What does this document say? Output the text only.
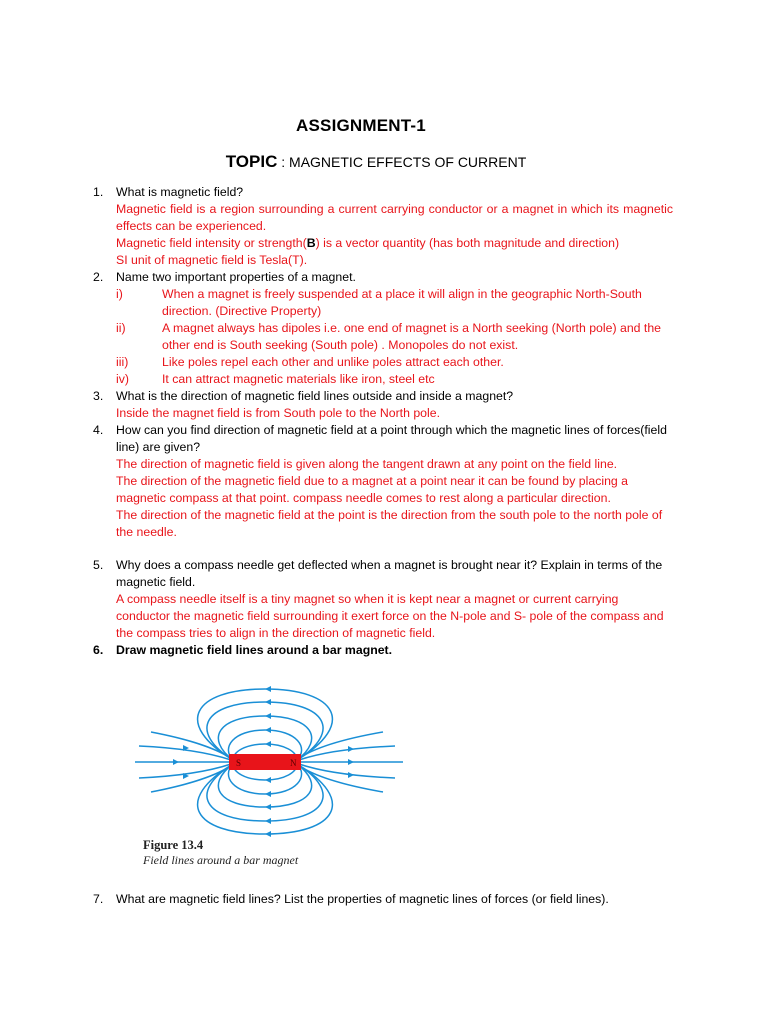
ASSIGNMENT-1
TOPIC : MAGNETIC EFFECTS OF CURRENT

1. What is magnetic field?

Magnetic field is a region surrounding a current carrying conductor or a magnet in which its magnetic effects can be experienced.

Magnetic field intensity or strength(B) is a vector quantity (has both magnitude and direction)

SI unit of magnetic field is Tesla(T).

2. Name two important properties of a magnet.

i)	When a magnet is freely suspended at a place it will align in the geographic North-South direction. (Directive Property)

ii)	A magnet always has dipoles i.e. one end of magnet is a North seeking (North pole) and the other end is South seeking (South pole) . Monopoles do not exist.

iii)	Like poles repel each other and unlike poles attract each other.

iv)	It can attract magnetic materials like iron, steel etc

3. What is the direction of magnetic field lines outside and inside a magnet?

Inside the magnet field is from South pole to the North pole.

4. How can you find direction of magnetic field at a point through which the magnetic lines of forces(field line) are given?

The direction of magnetic field is given along the tangent drawn at any point on the field line.

The direction of the magnetic field due to a magnet at a point near it can be found by placing a magnetic compass at that point. compass needle comes to rest along a particular direction.

The direction of the magnetic field at the point is the direction from the south pole to the north pole of the needle.

5. Why does a compass needle get deflected when a magnet is brought near it? Explain in terms of the magnetic field.

A compass needle itself is a tiny magnet so when it is kept near a magnet or current carrying conductor the magnetic field surrounding it exert force on the N-pole and S- pole of the compass and the compass tries to align in the direction of magnetic field.

6. Draw magnetic field lines around a bar magnet.

S	N
Figure 13.4
Field lines around a bar magnet

7. What are magnetic field lines? List the properties of magnetic lines of forces (or field lines).
